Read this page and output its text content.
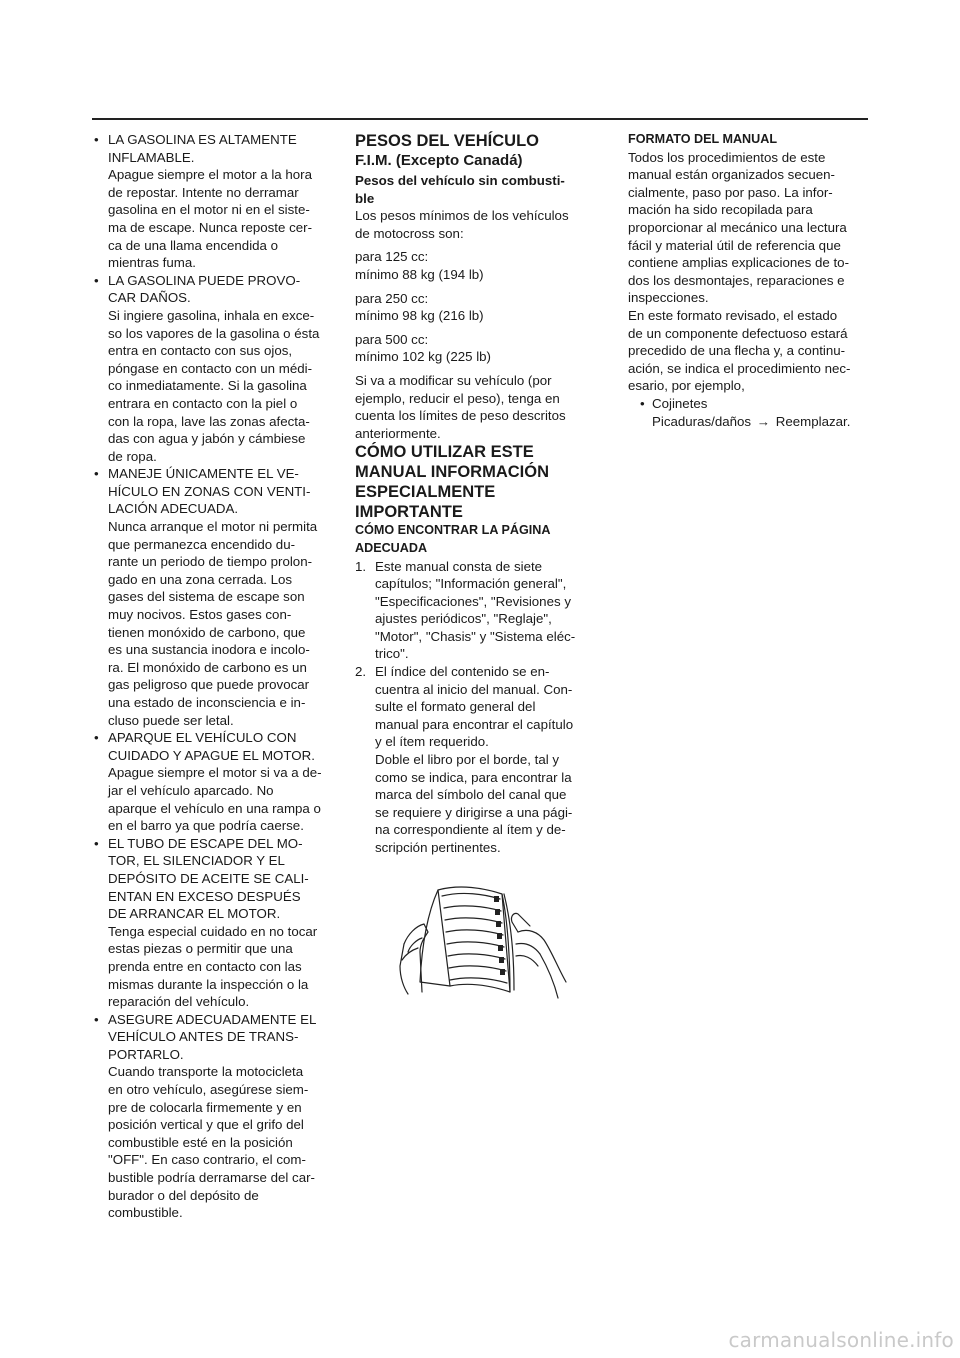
• LA GASOLINA ES ALTAMENTE
INFLAMABLE.
Apague siempre el motor a la hora
de repostar. Intente no derramar
gasolina en el motor ni en el siste-
ma de escape. Nunca reposte cer-
ca de una llama encendida o
mientras fuma.
• LA GASOLINA PUEDE PROVO-
CAR DAÑOS.
Si ingiere gasolina, inhala en exce-
so los vapores de la gasolina o ésta
entra en contacto con sus ojos,
póngase en contacto con un médi-
co inmediatamente. Si la gasolina
entrara en contacto con la piel o
con la ropa, lave las zonas afecta-
das con agua y jabón y cámbiese
de ropa.
• MANEJE ÚNICAMENTE EL VE-
HÍCULO EN ZONAS CON VENTI-
LACIÓN ADECUADA.
Nunca arranque el motor ni permita
que permanezca encendido du-
rante un periodo de tiempo prolon-
gado en una zona cerrada. Los
gases del sistema de escape son
muy nocivos. Estos gases con-
tienen monóxido de carbono, que
es una sustancia inodora e incolo-
ra. El monóxido de carbono es un
gas peligroso que puede provocar
una estado de inconsciencia e in-
cluso puede ser letal.
• APARQUE EL VEHÍCULO CON
CUIDADO Y APAGUE EL MOTOR.
Apague siempre el motor si va a de-
jar el vehículo aparcado. No
aparque el vehículo en una rampa o
en el barro ya que podría caerse.
• EL TUBO DE ESCAPE DEL MO-
TOR, EL SILENCIADOR Y EL
DEPÓSITO DE ACEITE SE CALI-
ENTAN EN EXCESO DESPUÉS
DE ARRANCAR EL MOTOR.
Tenga especial cuidado en no tocar
estas piezas o permitir que una
prenda entre en contacto con las
mismas durante la inspección o la
reparación del vehículo.
• ASEGURE ADECUADAMENTE EL
VEHÍCULO ANTES DE TRANS-
PORTARLO.
Cuando transporte la motocicleta
en otro vehículo, asegúrese siem-
pre de colocarla firmemente y en
posición vertical y que el grifo del
combustible esté en la posición
"OFF". En caso contrario, el com-
bustible podría derramarse del car-
burador o del depósito de
combustible.
PESOS DEL VEHÍCULO
F.I.M. (Excepto Canadá)
Pesos del vehículo sin combusti-
ble

Los pesos mínimos de los vehículos
de motocross son:

para 125 cc:

mínimo 88 kg (194 lb)

para 250 cc:

mínimo 98 kg (216 lb)

para 500 cc:

mínimo 102 kg (225 lb)

Si va a modificar su vehículo (por
ejemplo, reducir el peso), tenga en
cuenta los límites de peso descritos
anteriormente.

CÓMO UTILIZAR ESTE
MANUAL INFORMACIÓN
ESPECIALMENTE
IMPORTANTE
CÓMO ENCONTRAR LA PÁGINA
ADECUADA
1. Este manual consta de siete
capítulos; "Información general",
"Especificaciones", "Revisiones y
ajustes periódicos", "Reglaje",
"Motor", "Chasis" y "Sistema eléc-
trico".
2. El índice del contenido se en-
cuentra al inicio del manual. Con-
sulte el formato general del
manual para encontrar el capítulo
y el ítem requerido.
Doble el libro por el borde, tal y
como se indica, para encontrar la
marca del símbolo del canal que
se requiere y dirigirse a una pági-
na correspondiente al ítem y de-
scripción pertinentes.
FORMATO DEL MANUAL

Todos los procedimientos de este
manual están organizados secuen-
cialmente, paso por paso. La infor-
mación ha sido recopilada para
proporcionar al mecánico una lectura
fácil y material útil de referencia que
contiene amplias explicaciones de to-
dos los desmontajes, reparaciones e
inspecciones.
En este formato revisado, el estado
de un componente defectuoso estará
precedido de una flecha y, a continu-
ación, se indica el procedimiento nec-
esario, por ejemplo,

• Cojinetes
Picaduras/daños → Reemplazar.
carmanualsonline.info
